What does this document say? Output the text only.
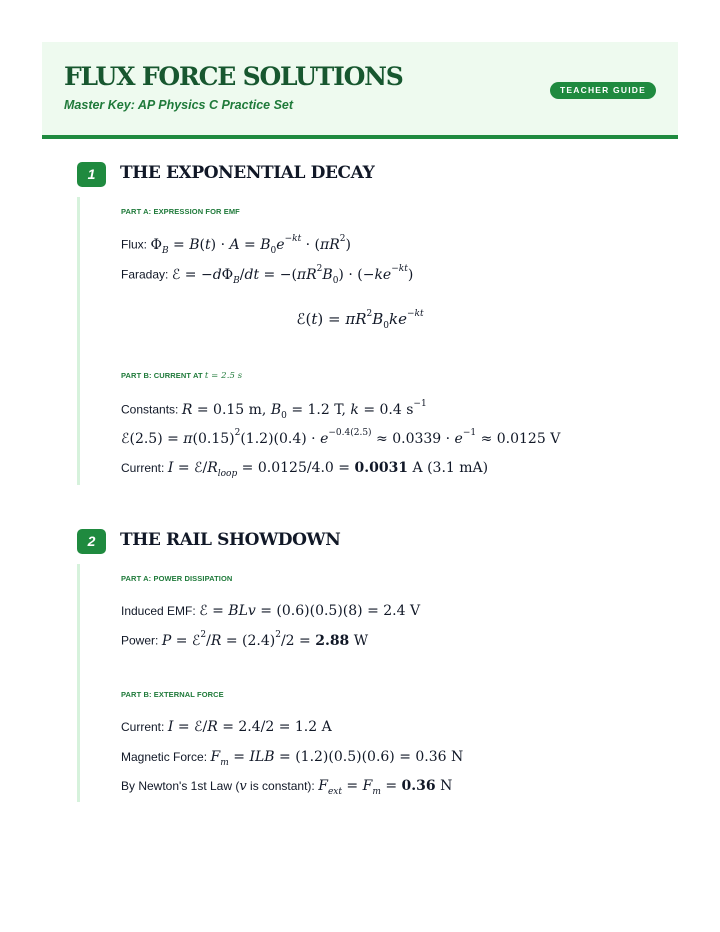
FLUX FORCE SOLUTIONS
Master Key: AP Physics C Practice Set
TEACHER GUIDE
1	THE EXPONENTIAL DECAY
PART A: EXPRESSION FOR EMF
Flux: $\Phi_B = B(t) \cdot A = B_0e^{-kt} \cdot (\pi R^2)$
Faraday: ℰ = $-d\Phi_B/dt = -(\pi R^2B_0) \cdot (-ke^{-kt})$
ℰ(t) = $\pi R^2B_0ke^{-kt}$
PART B: CURRENT AT t = 2.5 s
Constants: R = 0.15 m, $B_0 = 1.2$ T, k = 0.4 $s^{-1}$
ℰ(2.5) = $\pi(0.15)^2(1.2)(0.4) \cdot e^{-0.4(2.5)} \approx 0.0339 \cdot e^{-1} \approx 0.0125$ V
Current: $I = ℰ/R_{loop} = 0.0125/4.0 = 0.0031$ A (3.1 mA)
2	THE RAIL SHOWDOWN
PART A: POWER DISSIPATION
Induced EMF: ℰ = BLv = (0.6)(0.5)(8) = 2.4 V
Power: P = ℰ$^2$/R = $(2.4)^2/2 = 2.88$ W
PART B: EXTERNAL FORCE
Current: I = ℰ/R = 2.4/2 = 1.2 A
Magnetic Force: $F_m$ = ILB = (1.2)(0.5)(0.6) = 0.36 N
By Newton's 1st Law (v is constant): $F_{ext} = F_m = 0.36$ N
